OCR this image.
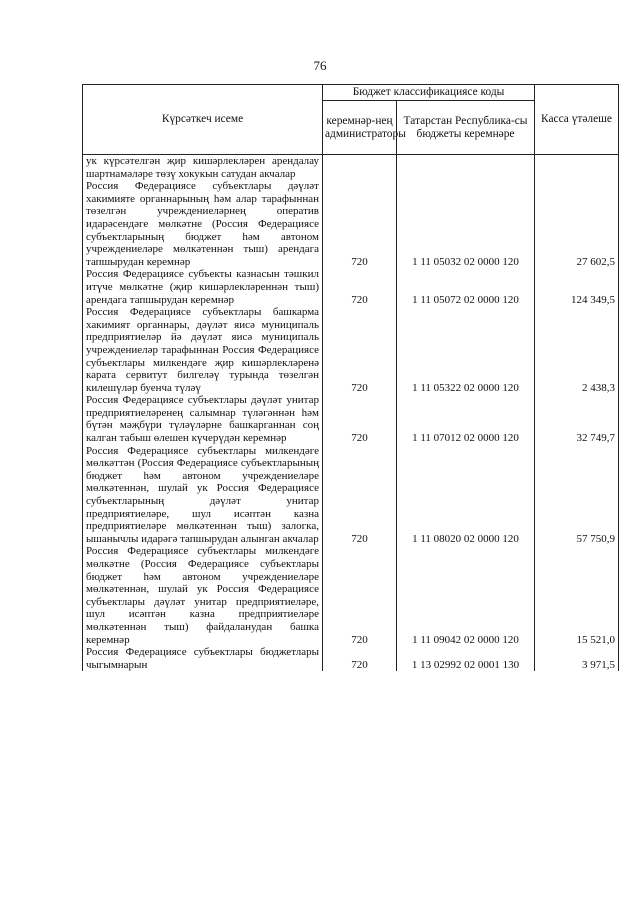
76
Күрсәткеч исеме	Бюджет классификациясе коды		Касса үтәлеше
	керемнәр-нең администраторы	Татарстан Республика-сы бюджеты керемнәре	
ук күрсәтелгән җир кишәрлекләрен арендалау шартнамәләре төзү хокукын сатудан акчалар			
Россия Федерациясе субъектлары дәүләт хакимияте органнарының һәм алар тарафыннан төзелгән учреждениеләрнең оператив идарәсендәге мөлкәтне (Россия Федерациясе субъектларының бюджет һәм автоном учреждениеләре мөлкәтеннән тыш) арендага тапшырудан керемнәр	720	1 11 05032 02 0000 120	27 602,5
Россия Федерациясе субъекты казнасын тәшкил итүче мөлкәтне (җир кишәрлекләреннән тыш) арендага тапшырудан керемнәр	720	1 11 05072 02 0000 120	124 349,5
Россия Федерациясе субъектлары башкарма хакимият органнары, дәүләт яисә муниципаль предприятиеләр йә дәүләт яисә муниципаль учреждениеләр тарафыннан Россия Федерациясе субъектлары милкендәге җир кишәрлекләренә карата сервитут билгеләү турында төзелгән килешүләр буенча түләү	720	1 11 05322 02 0000 120	2 438,3
Россия Федерациясе субъектлары дәүләт унитар предприятиеләренең салымнар түләгәннән һәм бүтән мәҗбүри түләүләрне башкарганнан соң калган табыш өлешен күчерүдән керемнәр	720	1 11 07012 02 0000 120	32 749,7
Россия Федерациясе субъектлары милкендәге мөлкәттән (Россия Федерациясе субъектларының бюджет һәм автоном учреждениеләре мөлкәтеннән, шулай ук Россия Федерациясе субъектларының дәүләт унитар предприятиеләре, шул исәптән казна предприятиеләре мөлкәтеннән тыш) залогка, ышанычлы идарәгә тапшырудан алынган акчалар	720	1 11 08020 02 0000 120	57 750,9
Россия Федерациясе субъектлары милкендәге мөлкәтне (Россия Федерациясе субъектлары бюджет һәм автоном учреждениеләре мөлкәтеннән, шулай ук Россия Федерациясе субъектлары дәүләт унитар предприятиеләре, шул исәптән казна предприятиеләре мөлкәтеннән тыш) файдаланудан башка керемнәр	720	1 11 09042 02 0000 120	15 521,0
Россия Федерациясе субъектлары бюджетлары чыгымнарын	720	1 13 02992 02 0001 130	3 971,5
